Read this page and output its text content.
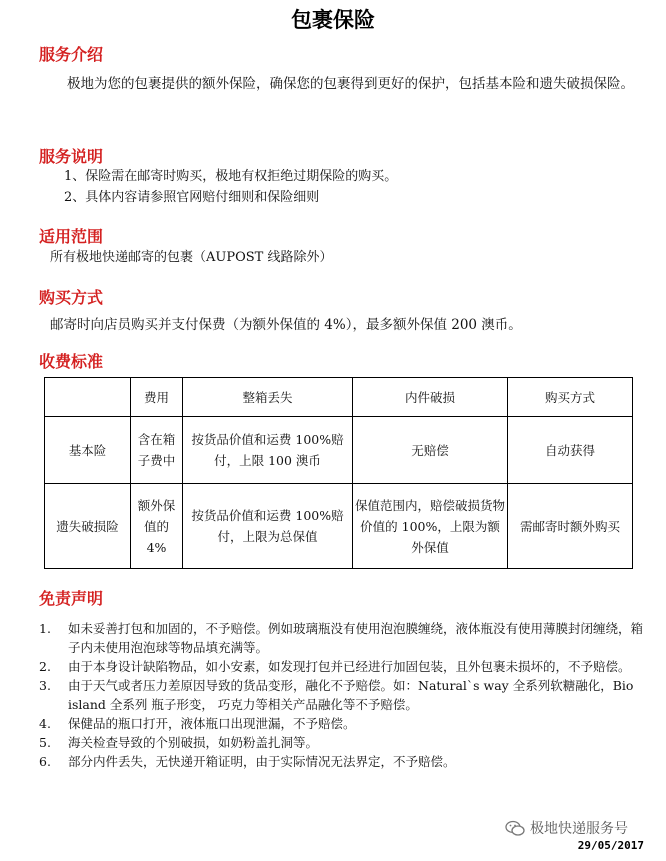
包裹保险
服务介绍
极地为您的包裹提供的额外保险，确保您的包裹得到更好的保护，包括基本险和遗失破损保险。
服务说明
1、保险需在邮寄时购买，极地有权拒绝过期保险的购买。
2、具体内容请参照官网赔付细则和保险细则
适用范围
所有极地快递邮寄的包裹（AUPOST 线路除外）
购买方式
邮寄时向店员购买并支付保费（为额外保值的 4%），最多额外保值 200 澳币。
收费标准
	费用	整箱丢失	内件破损	购买方式
基本险	含在箱子费中	按货品价值和运费 100%赔付，上限 100 澳币	无赔偿	自动获得
遗失破损险	额外保值的 4%	按货品价值和运费 100%赔付，上限为总保值	保值范围内，赔偿破损货物价值的 100%，上限为额外保值	需邮寄时额外购买
免责声明
1. 如未妥善打包和加固的，不予赔偿。例如玻璃瓶没有使用泡泡膜缠绕，液体瓶没有使用薄膜封闭缠绕，箱子内未使用泡泡球等物品填充满等。
2. 由于本身设计缺陷物品，如小安素，如发现打包并已经进行加固包装，且外包裹未损坏的，不予赔偿。
3. 由于天气或者压力差原因导致的货品变形，融化不予赔偿。如：Natural`s way 全系列软糖融化，Bio island 全系列 瓶子形变， 巧克力等相关产品融化等不予赔偿。
4. 保健品的瓶口打开，液体瓶口出现泄漏，不予赔偿。
5. 海关检查导致的个别破损，如奶粉盖扎洞等。
6. 部分内件丢失，无快递开箱证明，由于实际情况无法界定，不予赔偿。
极地快递服务号
29/05/2017
